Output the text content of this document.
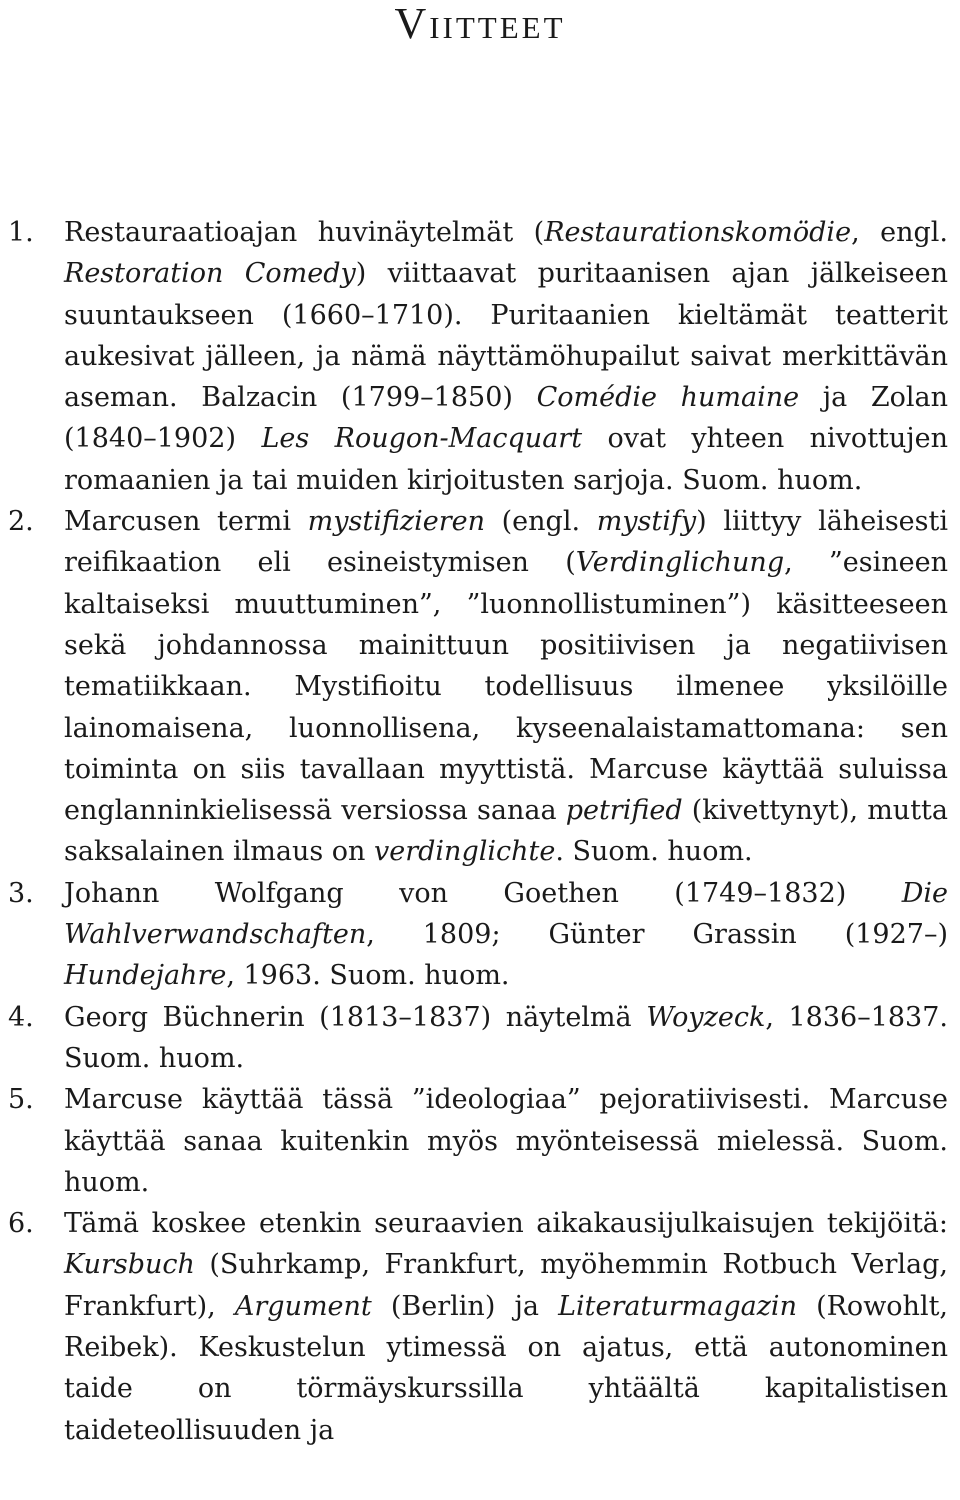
Viitteet
1. Restauraatioajan huvinäytelmät (Restaurationskomödie, engl. Restoration Comedy) viittaavat puritaanisen ajan jälkeiseen suuntaukseen (1660–1710). Puritaanien kieltämät teatterit aukesivat jälleen, ja nämä näyttämöhupailut saivat merkittävän aseman. Balzacin (1799–1850) Comédie humaine ja Zolan (1840–1902) Les Rougon-Macquart ovat yhteen nivottujen romaanien ja tai muiden kirjoitusten sarjoja. Suom. huom.
2. Marcusen termi mystifizieren (engl. mystify) liittyy läheisesti reifikaation eli esineistymisen (Verdinglichung, ”esineen kaltaiseksi muuttuminen”, ”luonnollistuminen”) käsitteeseen sekä johdannossa mainittuun positiivisen ja negatiivisen tematiikkaan. Mystifioitu todellisuus ilmenee yksilöille lainomaisena, luonnollisena, kyseenalaistamattomana: sen toiminta on siis tavallaan myyttistä. Marcuse käyttää suluissa englanninkielisessä versiossa sanaa petrified (kivettynyt), mutta saksalainen ilmaus on verdinglichte. Suom. huom.
3. Johann Wolfgang von Goethen (1749–1832) Die Wahlverwandschaften, 1809; Günter Grassin (1927–) Hundejahre, 1963. Suom. huom.
4. Georg Büchnerin (1813–1837) näytelmä Woyzeck, 1836–1837. Suom. huom.
5. Marcuse käyttää tässä ”ideologiaa” pejoratiivisesti. Marcuse käyttää sanaa kuitenkin myös myönteisessä mielessä. Suom. huom.
6. Tämä koskee etenkin seuraavien aikakausijulkaisujen tekijöitä: Kursbuch (Suhrkamp, Frankfurt, myöhemmin Rotbuch Verlag, Frankfurt), Argument (Berlin) ja Literaturmagazin (Rowohlt, Reibek). Keskustelun ytimessä on ajatus, että autonominen taide on törmäyskurssilla yhtäältä kapitalistisen taideteollisuuden ja
